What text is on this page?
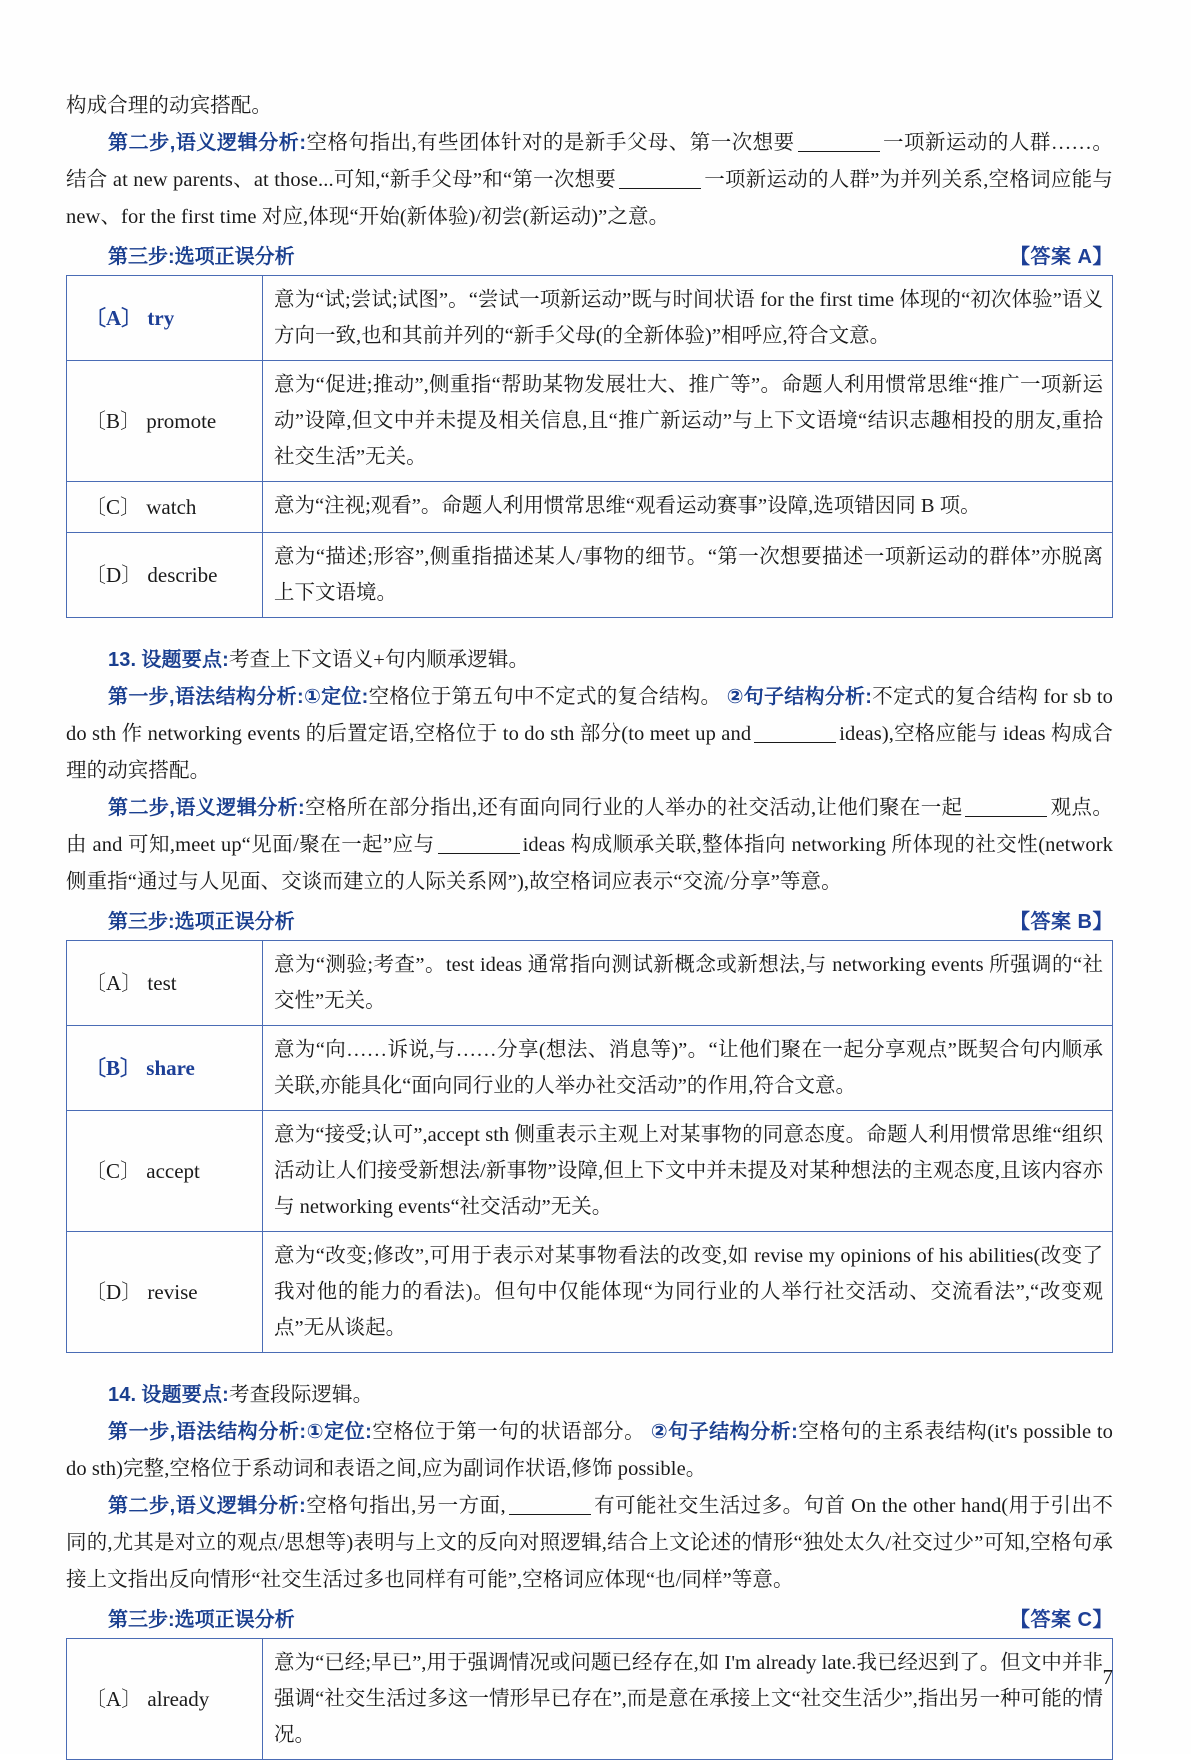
构成合理的动宾搭配。
第二步,语义逻辑分析:空格句指出,有些团体针对的是新手父母、第一次想要	一项新运动的人群……。结合 at new parents、at those...可知,“新手父母”和“第一次想要	一项新运动的人群”为并列关系,空格词应能与 new、for the first time 对应,体现“开始(新体验)/初尝(新运动)”之意。
第三步:选项正误分析	【答案 A】
〔A〕 try	意为“试;尝试;试图”。“尝试一项新运动”既与时间状语 for the first time 体现的“初次体验”语义方向一致,也和其前并列的“新手父母(的全新体验)”相呼应,符合文意。
〔B〕 promote	意为“促进;推动”,侧重指“帮助某物发展壮大、推广等”。命题人利用惯常思维“推广一项新运动”设障,但文中并未提及相关信息,且“推广新运动”与上下文语境“结识志趣相投的朋友,重拾社交生活”无关。
〔C〕 watch	意为“注视;观看”。命题人利用惯常思维“观看运动赛事”设障,选项错因同 B 项。
〔D〕 describe	意为“描述;形容”,侧重指描述某人/事物的细节。“第一次想要描述一项新运动的群体”亦脱离上下文语境。
13. 设题要点:考查上下文语义+句内顺承逻辑。
第一步,语法结构分析:①定位:空格位于第五句中不定式的复合结构。 ②句子结构分析:不定式的复合结构 for sb to do sth 作 networking events 的后置定语,空格位于 to do sth 部分(to meet up and	ideas),空格应能与 ideas 构成合理的动宾搭配。
第二步,语义逻辑分析:空格所在部分指出,还有面向同行业的人举办的社交活动,让他们聚在一起	观点。由 and 可知,meet up“见面/聚在一起”应与	ideas 构成顺承关联,整体指向 networking 所体现的社交性(network 侧重指“通过与人见面、交谈而建立的人际关系网”),故空格词应表示“交流/分享”等意。
第三步:选项正误分析	【答案 B】
〔A〕 test	意为“测验;考查”。test ideas 通常指向测试新概念或新想法,与 networking events 所强调的“社交性”无关。
〔B〕 share	意为“向……诉说,与……分享(想法、消息等)”。“让他们聚在一起分享观点”既契合句内顺承关联,亦能具化“面向同行业的人举办社交活动”的作用,符合文意。
〔C〕 accept	意为“接受;认可”,accept sth 侧重表示主观上对某事物的同意态度。命题人利用惯常思维“组织活动让人们接受新想法/新事物”设障,但上下文中并未提及对某种想法的主观态度,且该内容亦与 networking events“社交活动”无关。
〔D〕 revise	意为“改变;修改”,可用于表示对某事物看法的改变,如 revise my opinions of his abilities(改变了我对他的能力的看法)。但句中仅能体现“为同行业的人举行社交活动、交流看法”,“改变观点”无从谈起。
14. 设题要点:考查段际逻辑。
第一步,语法结构分析:①定位:空格位于第一句的状语部分。 ②句子结构分析:空格句的主系表结构(it's possible to do sth)完整,空格位于系动词和表语之间,应为副词作状语,修饰 possible。
第二步,语义逻辑分析:空格句指出,另一方面,	有可能社交生活过多。句首 On the other hand(用于引出不同的,尤其是对立的观点/思想等)表明与上文的反向对照逻辑,结合上文论述的情形“独处太久/社交过少”可知,空格句承接上文指出反向情形“社交生活过多也同样有可能”,空格词应体现“也/同样”等意。
第三步:选项正误分析	【答案 C】
〔A〕 already	意为“已经;早已”,用于强调情况或问题已经存在,如 I'm already late.我已经迟到了。但文中并非强调“社交生活过多这一情形早已存在”,而是意在承接上文“社交生活少”,指出另一种可能的情况。
7
